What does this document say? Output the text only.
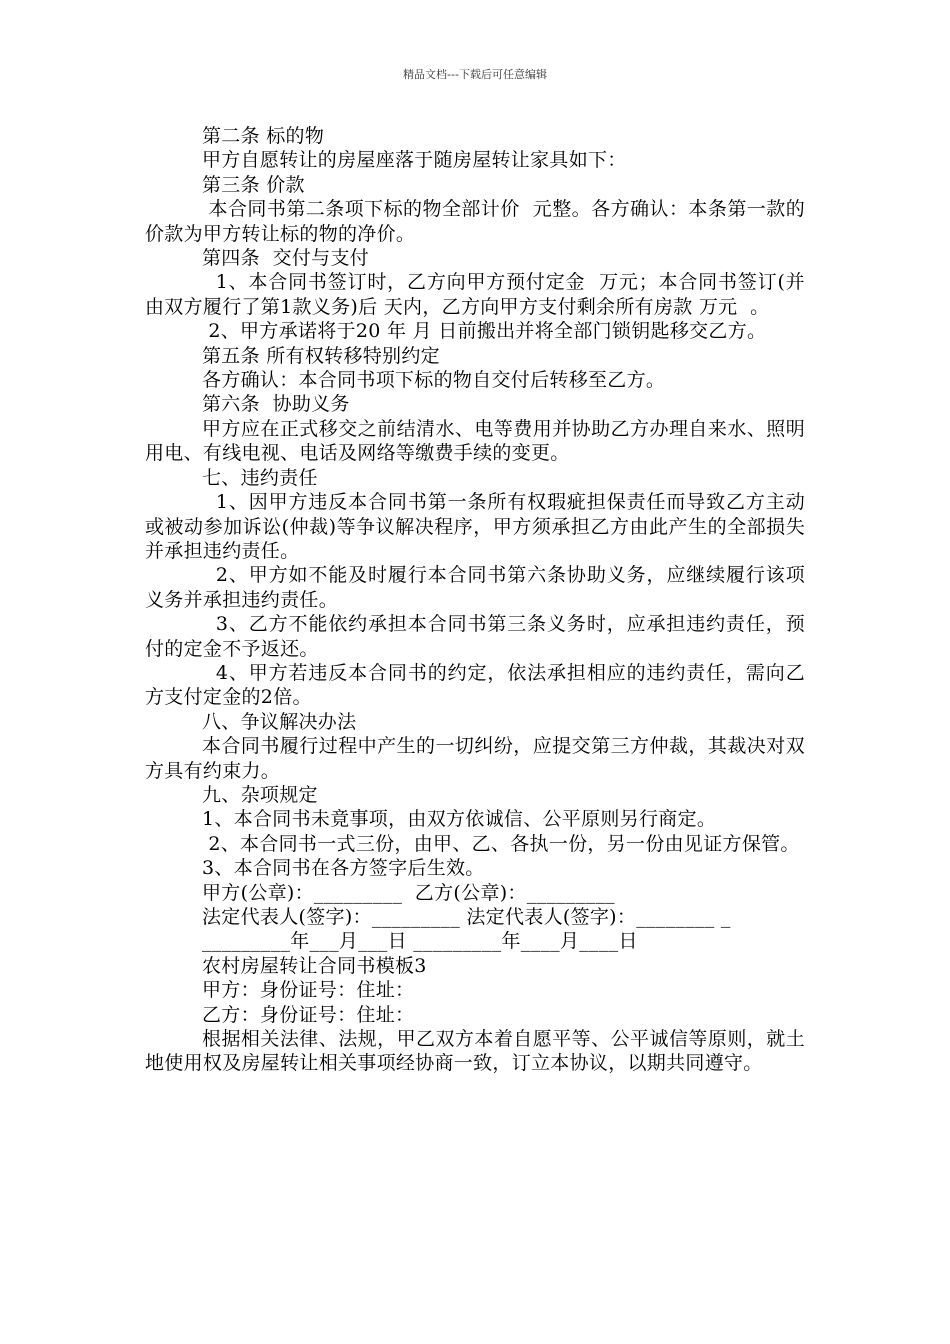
精品文档---下载后可任意编辑

第二条 标的物

甲方自愿转让的房屋座落于随房屋转让家具如下：

第三条 价款

本合同书第二条项下标的物全部计价  元整。各方确认：本条第一款的价款为甲方转让标的物的净价。

第四条  交付与支付

1、本合同书签订时，乙方向甲方预付定金  万元；本合同书签订(并由双方履行了第1款义务)后 天内，乙方向甲方支付剩余所有房款 万元  。

2、甲方承诺将于20 年 月 日前搬出并将全部门锁钥匙移交乙方。

第五条 所有权转移特别约定

各方确认：本合同书项下标的物自交付后转移至乙方。

第六条  协助义务

甲方应在正式移交之前结清水、电等费用并协助乙方办理自来水、照明用电、有线电视、电话及网络等缴费手续的变更。

七、违约责任

1、因甲方违反本合同书第一条所有权瑕疵担保责任而导致乙方主动或被动参加诉讼(仲裁)等争议解决程序，甲方须承担乙方由此产生的全部损失并承担违约责任。

2、甲方如不能及时履行本合同书第六条协助义务，应继续履行该项义务并承担违约责任。

3、乙方不能依约承担本合同书第三条义务时，应承担违约责任，预付的定金不予返还。

4、甲方若违反本合同书的约定，依法承担相应的违约责任，需向乙方支付定金的2倍。

八、争议解决办法

本合同书履行过程中产生的一切纠纷，应提交第三方仲裁，其裁决对双方具有约束力。

九、杂项规定

1、本合同书未竟事项，由双方依诚信、公平原则另行商定。

2、本合同书一式三份，由甲、乙、各执一份，另一份由见证方保管。

3、本合同书在各方签字后生效。

甲方(公章)：_________  乙方(公章)：_________

法定代表人(签字)：_________ 法定代表人(签字)：________ _

_________年___月___日 _________年____月____日

农村房屋转让合同书模板3

甲方：身份证号：住址：

乙方：身份证号：住址：

根据相关法律、法规，甲乙双方本着自愿平等、公平诚信等原则，就土地使用权及房屋转让相关事项经协商一致，订立本协议，以期共同遵守。
